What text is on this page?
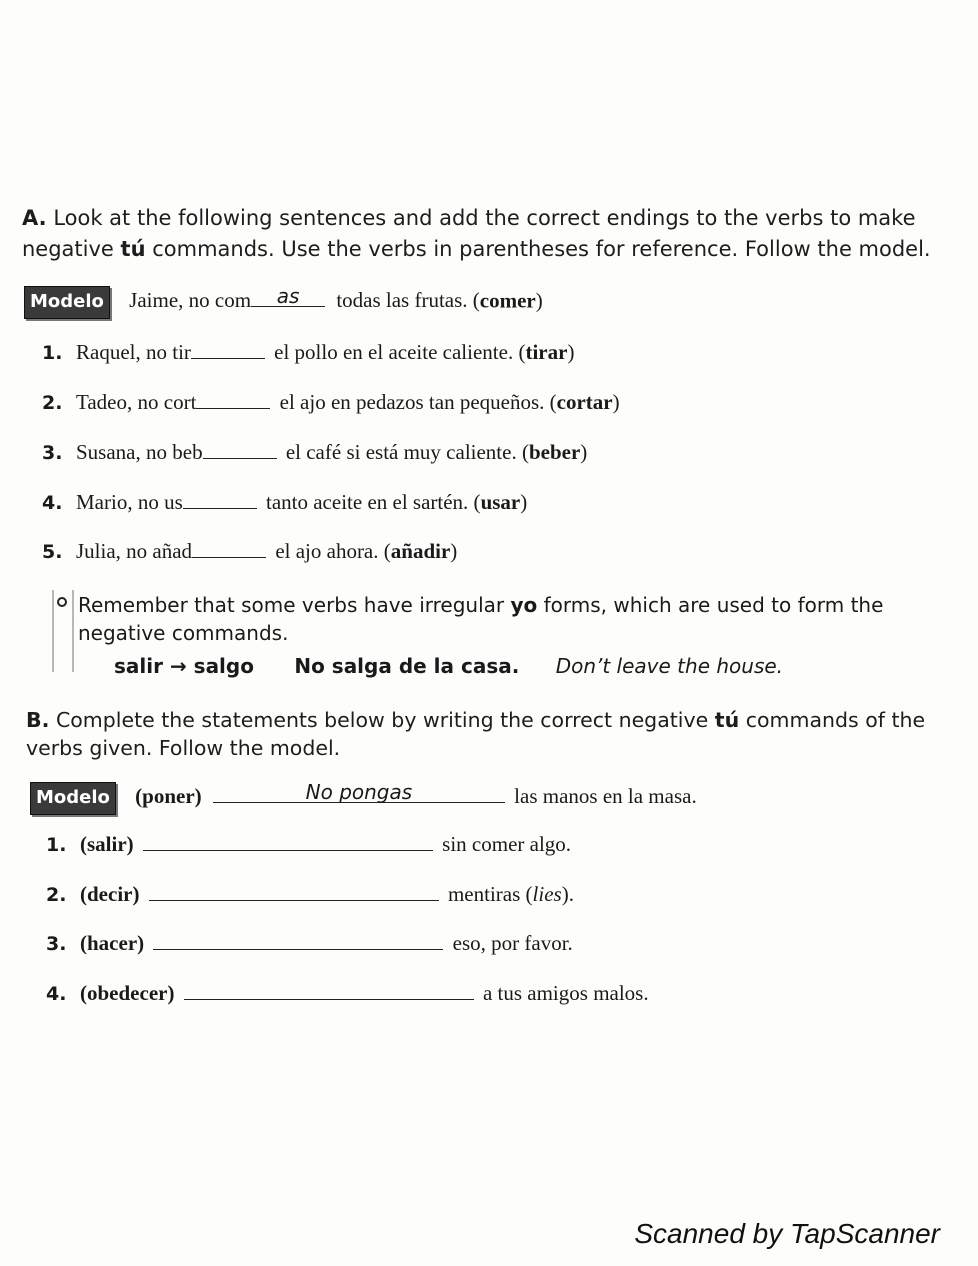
A. Look at the following sentences and add the correct endings to the verbs to make
negative tú commands. Use the verbs in parentheses for reference. Follow the model.
Modelo Jaime, no com as todas las frutas. (comer)
1. Raquel, no tir	el pollo en el aceite caliente. (tirar)
2. Tadeo, no cort	el ajo en pedazos tan pequeños. (cortar)
3. Susana, no beb	el café si está muy caliente. (beber)
4. Mario, no us	tanto aceite en el sartén. (usar)
5. Julia, no añad	el ajo ahora. (añadir)
Remember that some verbs have irregular yo forms, which are used to form the
negative commands.
salir → salgo No salga de la casa. Don’t leave the house.
B. Complete the statements below by writing the correct negative tú commands of the
verbs given. Follow the model.
Modelo (poner)	No pongas	las manos en la masa.
1. (salir)	sin comer algo.
2. (decir)	mentiras (lies).
3. (hacer)	eso, por favor.
4. (obedecer)	a tus amigos malos.
Scanned by TapScanner
